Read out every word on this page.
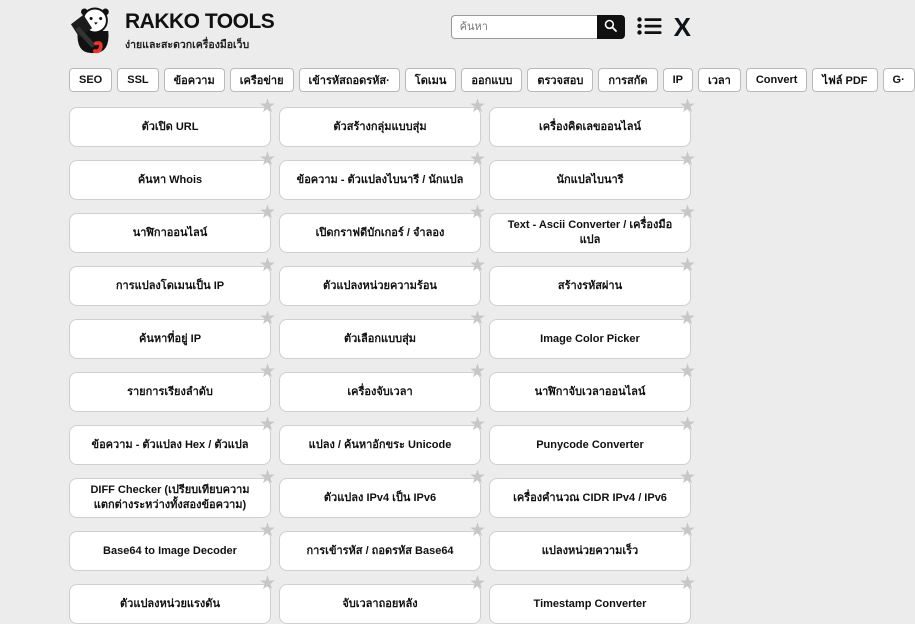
RAKKO TOOLS
ง่ายและสะดวกเครื่องมือเว็บ
ค้นหา
X
SEO	SSL	ข้อความ	เครือข่าย	เข้ารหัสถอดรหัส·	โดเมน	ออกแบบ	ตรวจสอบ	การสกัด	IP	เวลา	Convert	ไฟล์ PDF	G·
★
ตัวเปิด URL
★
ตัวสร้างกลุ่มแบบสุ่ม
★
เครื่องคิดเลขออนไลน์
★
ค้นหา Whois
★
ข้อความ - ตัวแปลงไบนารี / นักแปล
★
นักแปลไบนารี
★
นาฬิกาออนไลน์
★
เปิดกราฟดีบักเกอร์ / จำลอง
★
Text - Ascii Converter / เครื่องมือแปล
★
การแปลงโดเมนเป็น IP
★
ตัวแปลงหน่วยความร้อน
★
สร้างรหัสผ่าน
★
ค้นหาที่อยู่ IP
★
ตัวเลือกแบบสุ่ม
★
Image Color Picker
★
รายการเรียงลำดับ
★
เครื่องจับเวลา
★
นาฬิกาจับเวลาออนไลน์
★
ข้อความ - ตัวแปลง Hex / ตัวแปล
★
แปลง / ค้นหาอักขระ Unicode
★
Punycode Converter
★
DIFF Checker (เปรียบเทียบความแตกต่างระหว่างทั้งสองข้อความ)
★
ตัวแปลง IPv4 เป็น IPv6
★
เครื่องคำนวณ CIDR IPv4 / IPv6
★
Base64 to Image Decoder
★
การเข้ารหัส / ถอดรหัส Base64
★
แปลงหน่วยความเร็ว
★
ตัวแปลงหน่วยแรงดัน
★
จับเวลาถอยหลัง
★
Timestamp Converter
